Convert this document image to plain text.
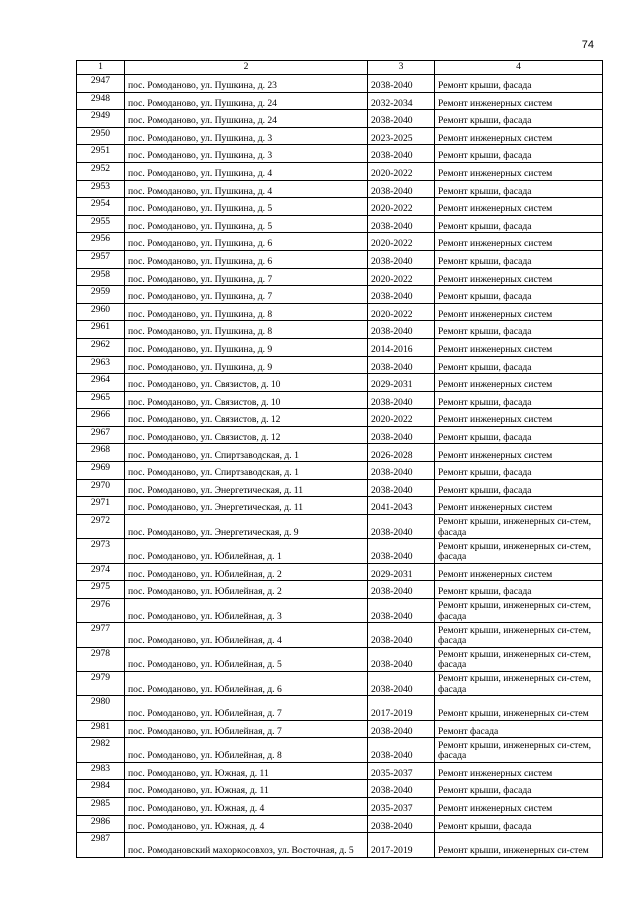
74
1	2	3	4
2947	пос. Ромоданово, ул. Пушкина, д. 23	2038-2040	Ремонт крыши, фасада
2948	пос. Ромоданово, ул. Пушкина, д. 24	2032-2034	Ремонт инженерных систем
2949	пос. Ромоданово, ул. Пушкина, д. 24	2038-2040	Ремонт крыши, фасада
2950	пос. Ромоданово, ул. Пушкина, д. 3	2023-2025	Ремонт инженерных систем
2951	пос. Ромоданово, ул. Пушкина, д. 3	2038-2040	Ремонт крыши, фасада
2952	пос. Ромоданово, ул. Пушкина, д. 4	2020-2022	Ремонт инженерных систем
2953	пос. Ромоданово, ул. Пушкина, д. 4	2038-2040	Ремонт крыши, фасада
2954	пос. Ромоданово, ул. Пушкина, д. 5	2020-2022	Ремонт инженерных систем
2955	пос. Ромоданово, ул. Пушкина, д. 5	2038-2040	Ремонт крыши, фасада
2956	пос. Ромоданово, ул. Пушкина, д. 6	2020-2022	Ремонт инженерных систем
2957	пос. Ромоданово, ул. Пушкина, д. 6	2038-2040	Ремонт крыши, фасада
2958	пос. Ромоданово, ул. Пушкина, д. 7	2020-2022	Ремонт инженерных систем
2959	пос. Ромоданово, ул. Пушкина, д. 7	2038-2040	Ремонт крыши, фасада
2960	пос. Ромоданово, ул. Пушкина, д. 8	2020-2022	Ремонт инженерных систем
2961	пос. Ромоданово, ул. Пушкина, д. 8	2038-2040	Ремонт крыши, фасада
2962	пос. Ромоданово, ул. Пушкина, д. 9	2014-2016	Ремонт инженерных систем
2963	пос. Ромоданово, ул. Пушкина, д. 9	2038-2040	Ремонт крыши, фасада
2964	пос. Ромоданово, ул. Связистов, д. 10	2029-2031	Ремонт инженерных систем
2965	пос. Ромоданово, ул. Связистов, д. 10	2038-2040	Ремонт крыши, фасада
2966	пос. Ромоданово, ул. Связистов, д. 12	2020-2022	Ремонт инженерных систем
2967	пос. Ромоданово, ул. Связистов, д. 12	2038-2040	Ремонт крыши, фасада
2968	пос. Ромоданово, ул. Спиртзаводская, д. 1	2026-2028	Ремонт инженерных систем
2969	пос. Ромоданово, ул. Спиртзаводская, д. 1	2038-2040	Ремонт крыши, фасада
2970	пос. Ромоданово, ул. Энергетическая, д. 11	2038-2040	Ремонт крыши, фасада
2971	пос. Ромоданово, ул. Энергетическая, д. 11	2041-2043	Ремонт инженерных систем
2972	пос. Ромоданово, ул. Энергетическая, д. 9	2038-2040	Ремонт крыши, инженерных си-стем, фасада
2973	пос. Ромоданово, ул. Юбилейная, д. 1	2038-2040	Ремонт крыши, инженерных си-стем, фасада
2974	пос. Ромоданово, ул. Юбилейная, д. 2	2029-2031	Ремонт инженерных систем
2975	пос. Ромоданово, ул. Юбилейная, д. 2	2038-2040	Ремонт крыши, фасада
2976	пос. Ромоданово, ул. Юбилейная, д. 3	2038-2040	Ремонт крыши, инженерных си-стем, фасада
2977	пос. Ромоданово, ул. Юбилейная, д. 4	2038-2040	Ремонт крыши, инженерных си-стем, фасада
2978	пос. Ромоданово, ул. Юбилейная, д. 5	2038-2040	Ремонт крыши, инженерных си-стем, фасада
2979	пос. Ромоданово, ул. Юбилейная, д. 6	2038-2040	Ремонт крыши, инженерных си-стем, фасада
2980	пос. Ромоданово, ул. Юбилейная, д. 7	2017-2019	Ремонт крыши, инженерных си-стем
2981	пос. Ромоданово, ул. Юбилейная, д. 7	2038-2040	Ремонт фасада
2982	пос. Ромоданово, ул. Юбилейная, д. 8	2038-2040	Ремонт крыши, инженерных си-стем, фасада
2983	пос. Ромоданово, ул. Южная, д. 11	2035-2037	Ремонт инженерных систем
2984	пос. Ромоданово, ул. Южная, д. 11	2038-2040	Ремонт крыши, фасада
2985	пос. Ромоданово, ул. Южная, д. 4	2035-2037	Ремонт инженерных систем
2986	пос. Ромоданово, ул. Южная, д. 4	2038-2040	Ремонт крыши, фасада
2987	пос. Ромодановский махоркосовхоз, ул. Восточная, д. 5	2017-2019	Ремонт крыши, инженерных си-стем
